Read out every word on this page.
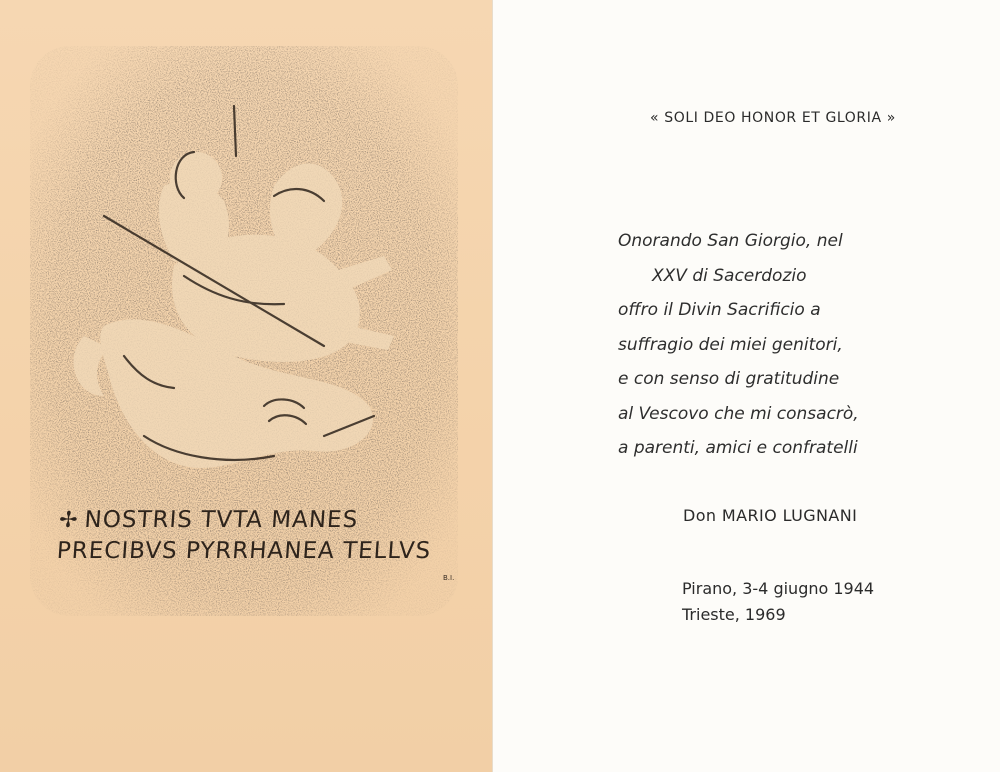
✢ NOSTRIS TVTA MANES
PRECIBVS PYRRHANEA TELLVS
B.I.
« SOLI DEO HONOR ET GLORIA »
Onorando San Giorgio, nel
XXV di Sacerdozio
offro il Divin Sacrificio a
suffragio dei miei genitori,
e con senso di gratitudine
al Vescovo che mi consacrò,
a parenti, amici e confratelli
Don MARIO LUGNANI
Pirano, 3-4 giugno 1944
Trieste, 1969
